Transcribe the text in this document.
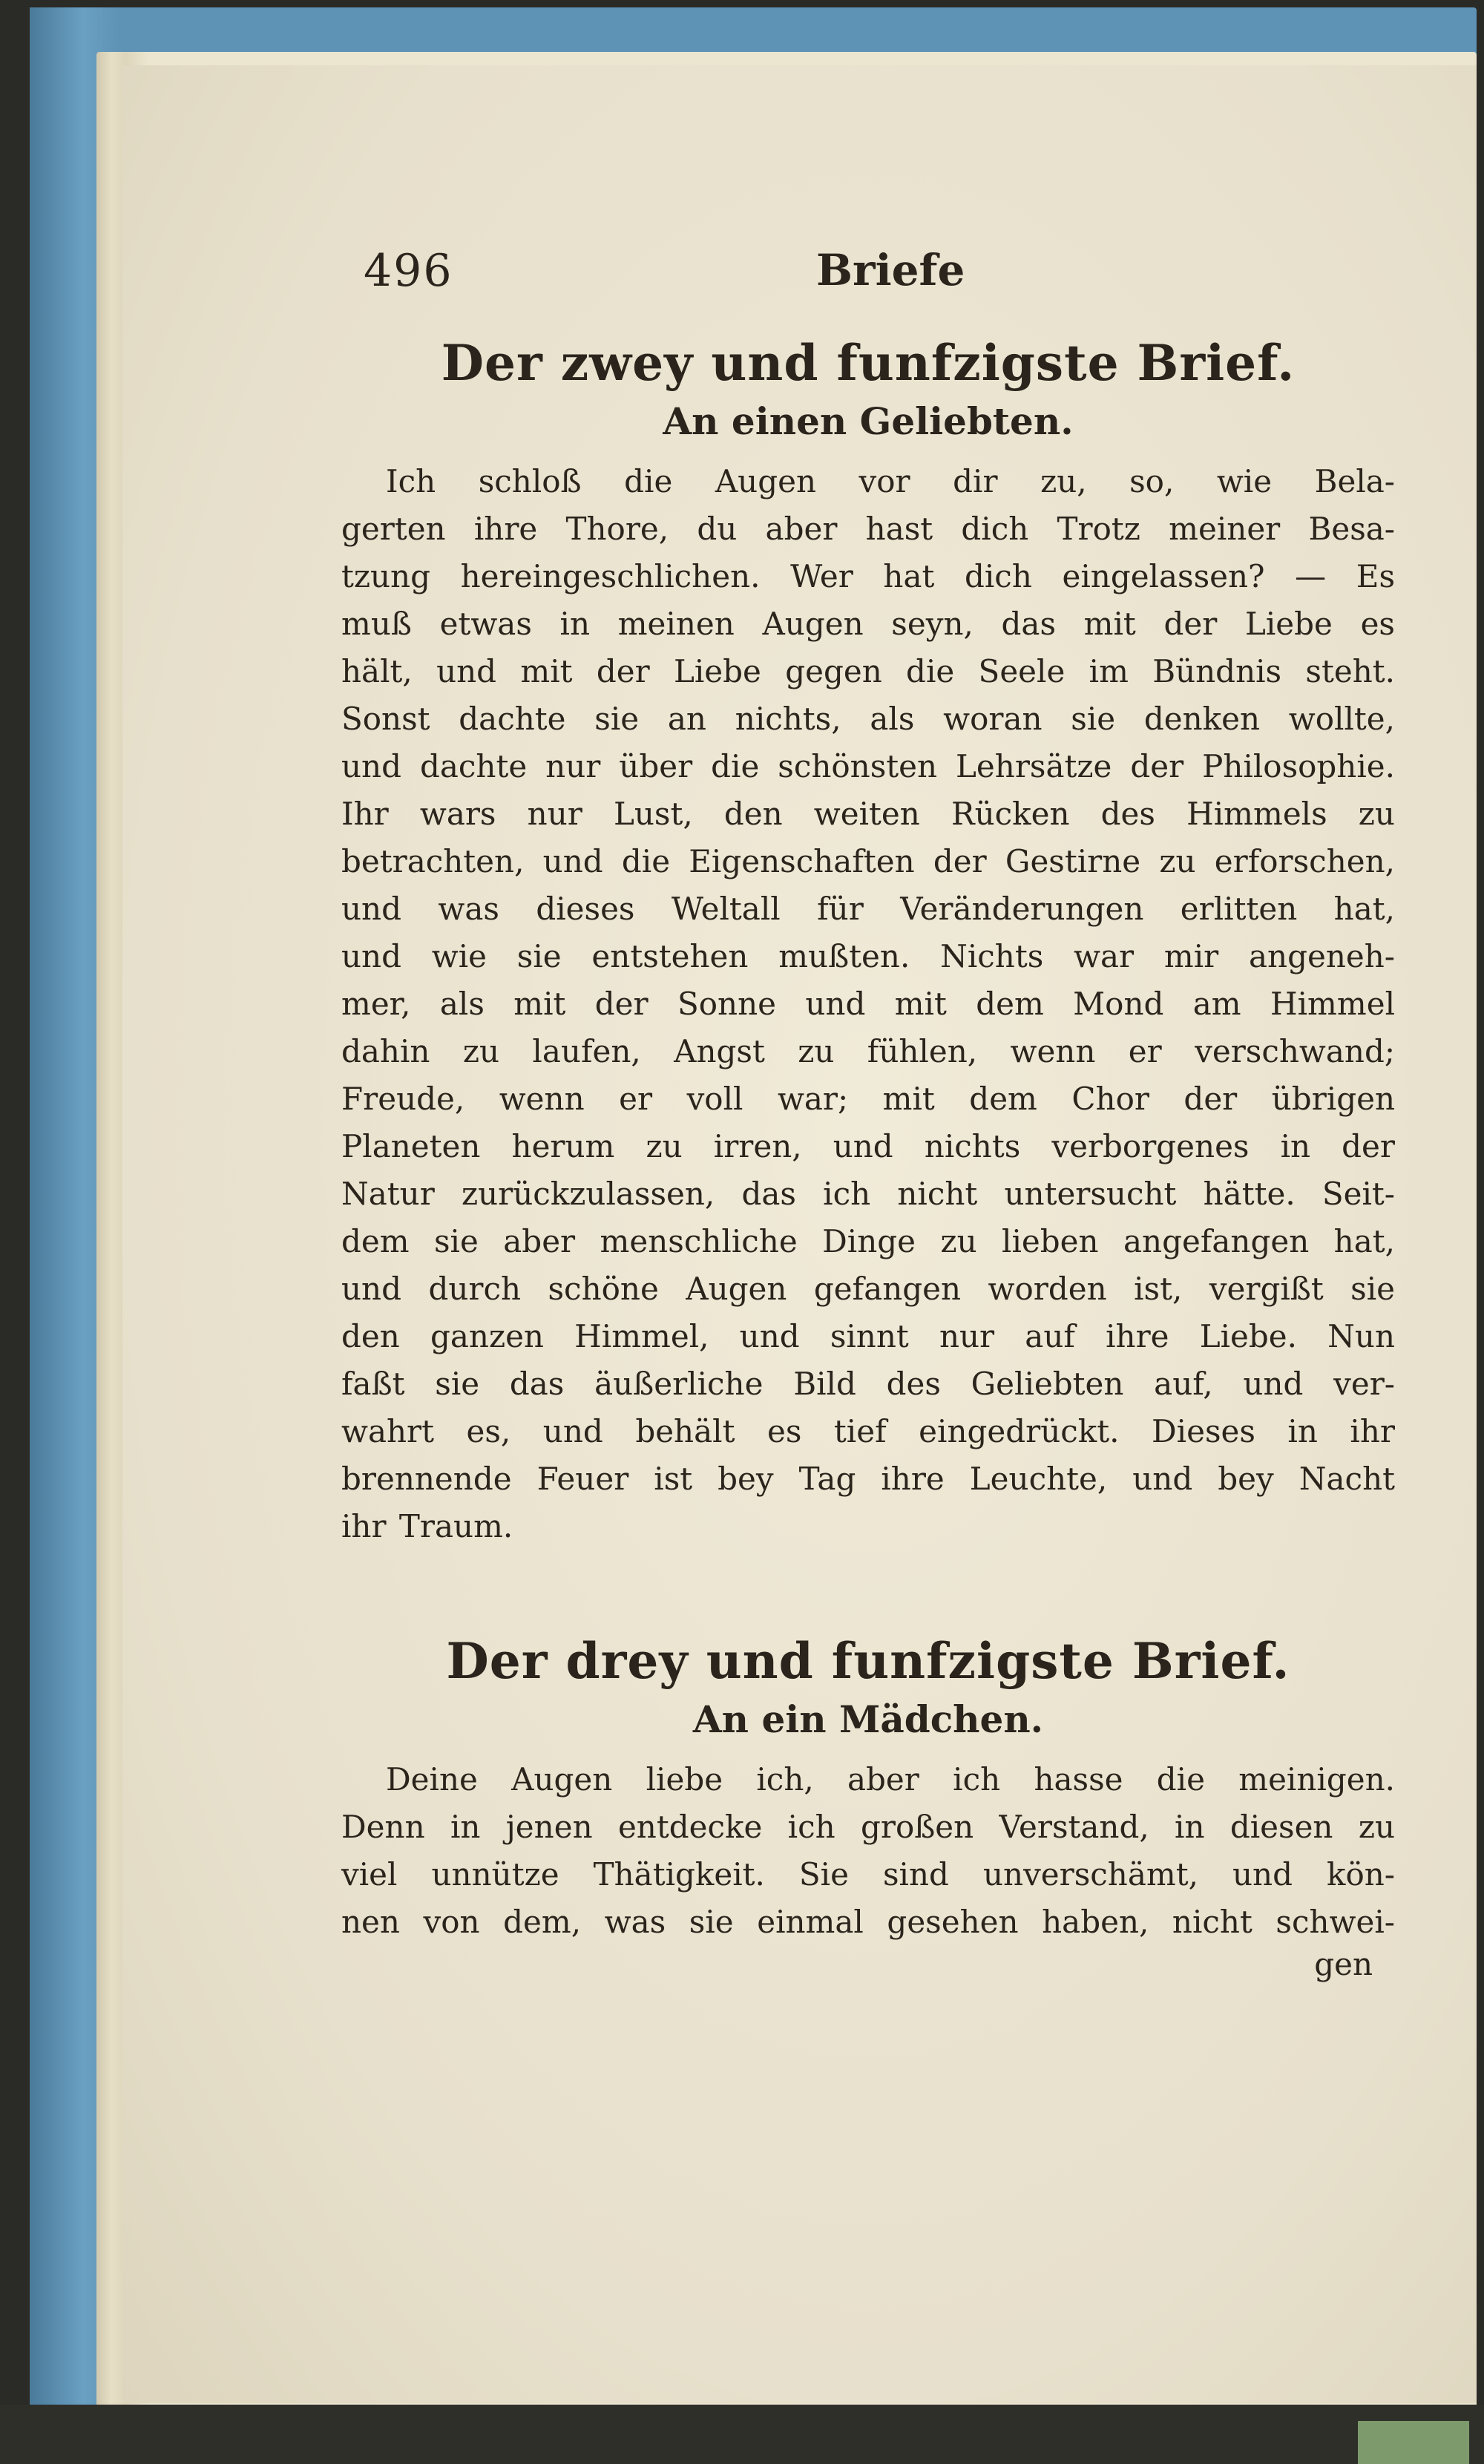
496	Briefe
Der zwey und funfzigste Brief.
An einen Geliebten.
Ich schloß die Augen vor dir zu, so, wie Bela-
gerten ihre Thore, du aber hast dich Trotz meiner Besa-
tzung hereingeschlichen. Wer hat dich eingelassen? — Es
muß etwas in meinen Augen seyn, das mit der Liebe es
hält, und mit der Liebe gegen die Seele im Bündnis steht.
Sonst dachte sie an nichts, als woran sie denken wollte,
und dachte nur über die schönsten Lehrsätze der Philosophie.
Ihr wars nur Lust, den weiten Rücken des Himmels zu
betrachten, und die Eigenschaften der Gestirne zu erforschen,
und was dieses Weltall für Veränderungen erlitten hat,
und wie sie entstehen mußten. Nichts war mir angeneh-
mer, als mit der Sonne und mit dem Mond am Himmel
dahin zu laufen, Angst zu fühlen, wenn er verschwand;
Freude, wenn er voll war; mit dem Chor der übrigen
Planeten herum zu irren, und nichts verborgenes in der
Natur zurückzulassen, das ich nicht untersucht hätte. Seit-
dem sie aber menschliche Dinge zu lieben angefangen hat,
und durch schöne Augen gefangen worden ist, vergißt sie
den ganzen Himmel, und sinnt nur auf ihre Liebe. Nun
faßt sie das äußerliche Bild des Geliebten auf, und ver-
wahrt es, und behält es tief eingedrückt. Dieses in ihr
brennende Feuer ist bey Tag ihre Leuchte, und bey Nacht
ihr Traum.
Der drey und funfzigste Brief.
An ein Mädchen.
Deine Augen liebe ich, aber ich hasse die meinigen.
Denn in jenen entdecke ich großen Verstand, in diesen zu
viel unnütze Thätigkeit. Sie sind unverschämt, und kön-
nen von dem, was sie einmal gesehen haben, nicht schwei-
gen
